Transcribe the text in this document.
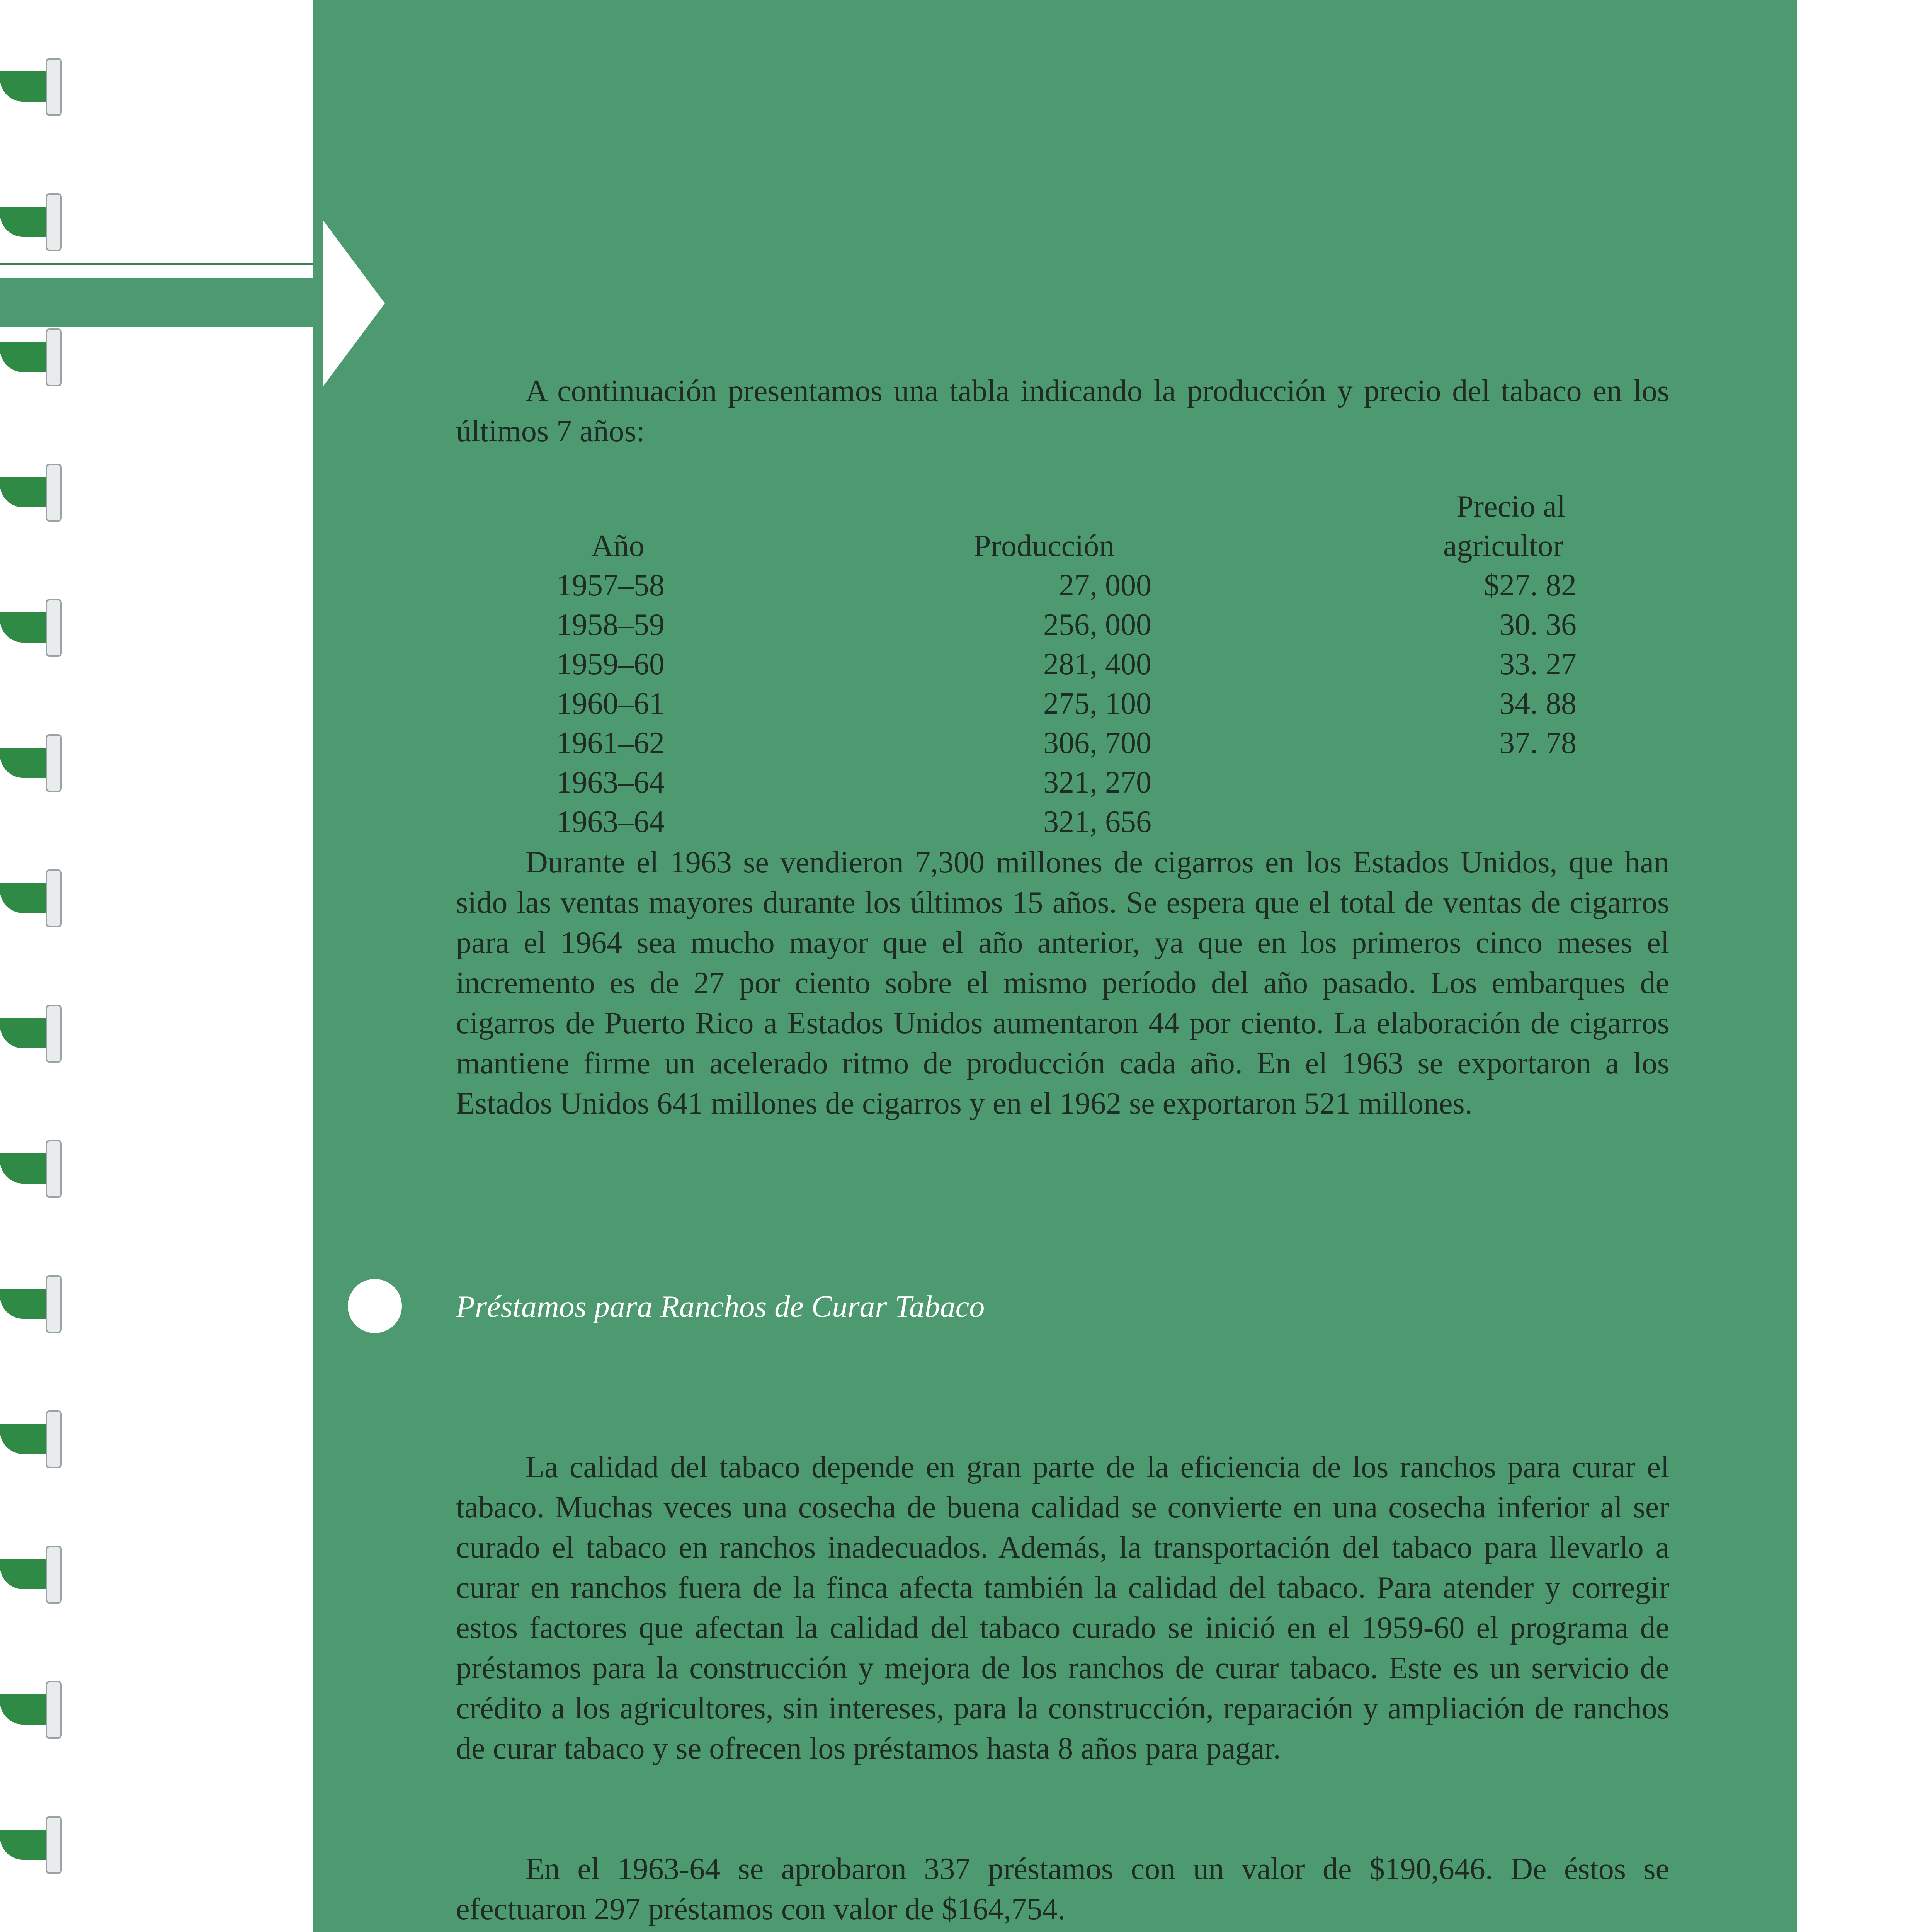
A continuación presentamos una tabla indicando la producción y precio del tabaco en los últimos 7 años:

Precio al
Año	Producción	agricultor
1957–58	27, 000	$27. 82
1958–59	256, 000	30. 36
1959–60	281, 400	33. 27
1960–61	275, 100	34. 88
1961–62	306, 700	37. 78
1963–64	321, 270
1963–64	321, 656

Durante el 1963 se vendieron 7,300 millones de cigarros en los Estados Unidos, que han sido las ventas mayores durante los últimos 15 años. Se espera que el total de ventas de cigarros para el 1964 sea mucho mayor que el año anterior, ya que en los primeros cinco meses el incremento es de 27 por ciento sobre el mismo período del año pasado. Los embarques de cigarros de Puerto Rico a Estados Unidos aumentaron 44 por ciento. La elaboración de cigarros mantiene firme un acelerado ritmo de producción cada año. En el 1963 se exportaron a los Estados Unidos 641 millones de cigarros y en el 1962 se exportaron 521 millones.

Préstamos para Ranchos de Curar Tabaco

La calidad del tabaco depende en gran parte de la eficiencia de los ranchos para curar el tabaco. Muchas veces una cosecha de buena calidad se convierte en una cosecha inferior al ser curado el tabaco en ranchos inadecuados. Además, la transportación del tabaco para llevarlo a curar en ranchos fuera de la finca afecta también la calidad del tabaco. Para atender y corregir estos factores que afectan la calidad del tabaco curado se inició en el 1959-60 el programa de préstamos para la construcción y mejora de los ranchos de curar tabaco. Este es un servicio de crédito a los agricultores, sin intereses, para la construcción, reparación y ampliación de ranchos de curar tabaco y se ofrecen los préstamos hasta 8 años para pagar.

En el 1963-64 se aprobaron 337 préstamos con un valor de $190,646. De éstos se efectuaron 297 préstamos con valor de $164,754.
